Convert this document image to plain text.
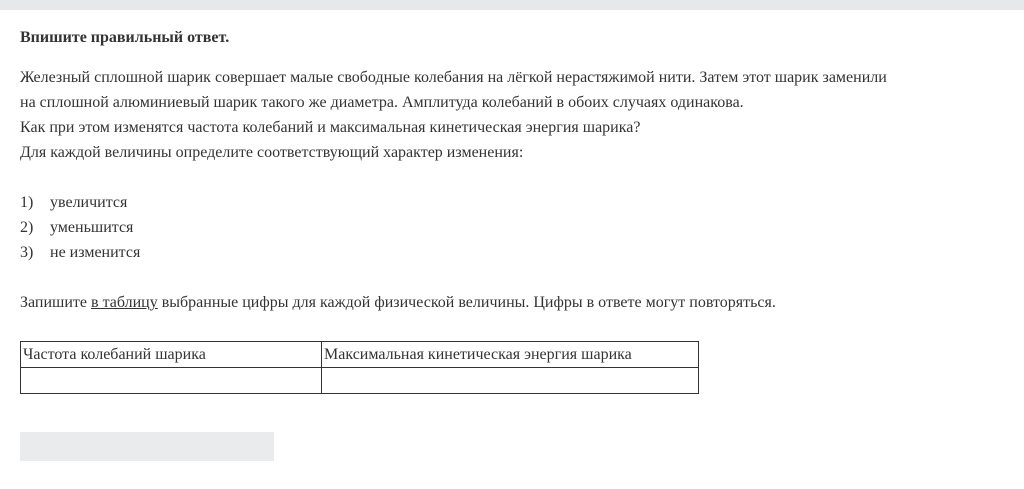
Впишите правильный ответ.
Железный сплошной шарик совершает малые свободные колебания на лёгкой нерастяжимой нити. Затем этот шарик заменили
на сплошной алюминиевый шарик такого же диаметра. Амплитуда колебаний в обоих случаях одинакова.
Как при этом изменятся частота колебаний и максимальная кинетическая энергия шарика?
Для каждой величины определите соответствующий характер изменения:
1)	увеличится
2)	уменьшится
3)	не изменится
Запишите в таблицу выбранные цифры для каждой физической величины. Цифры в ответе могут повторяться.
Частота колебаний шарика	Максимальная кинетическая энергия шарика
